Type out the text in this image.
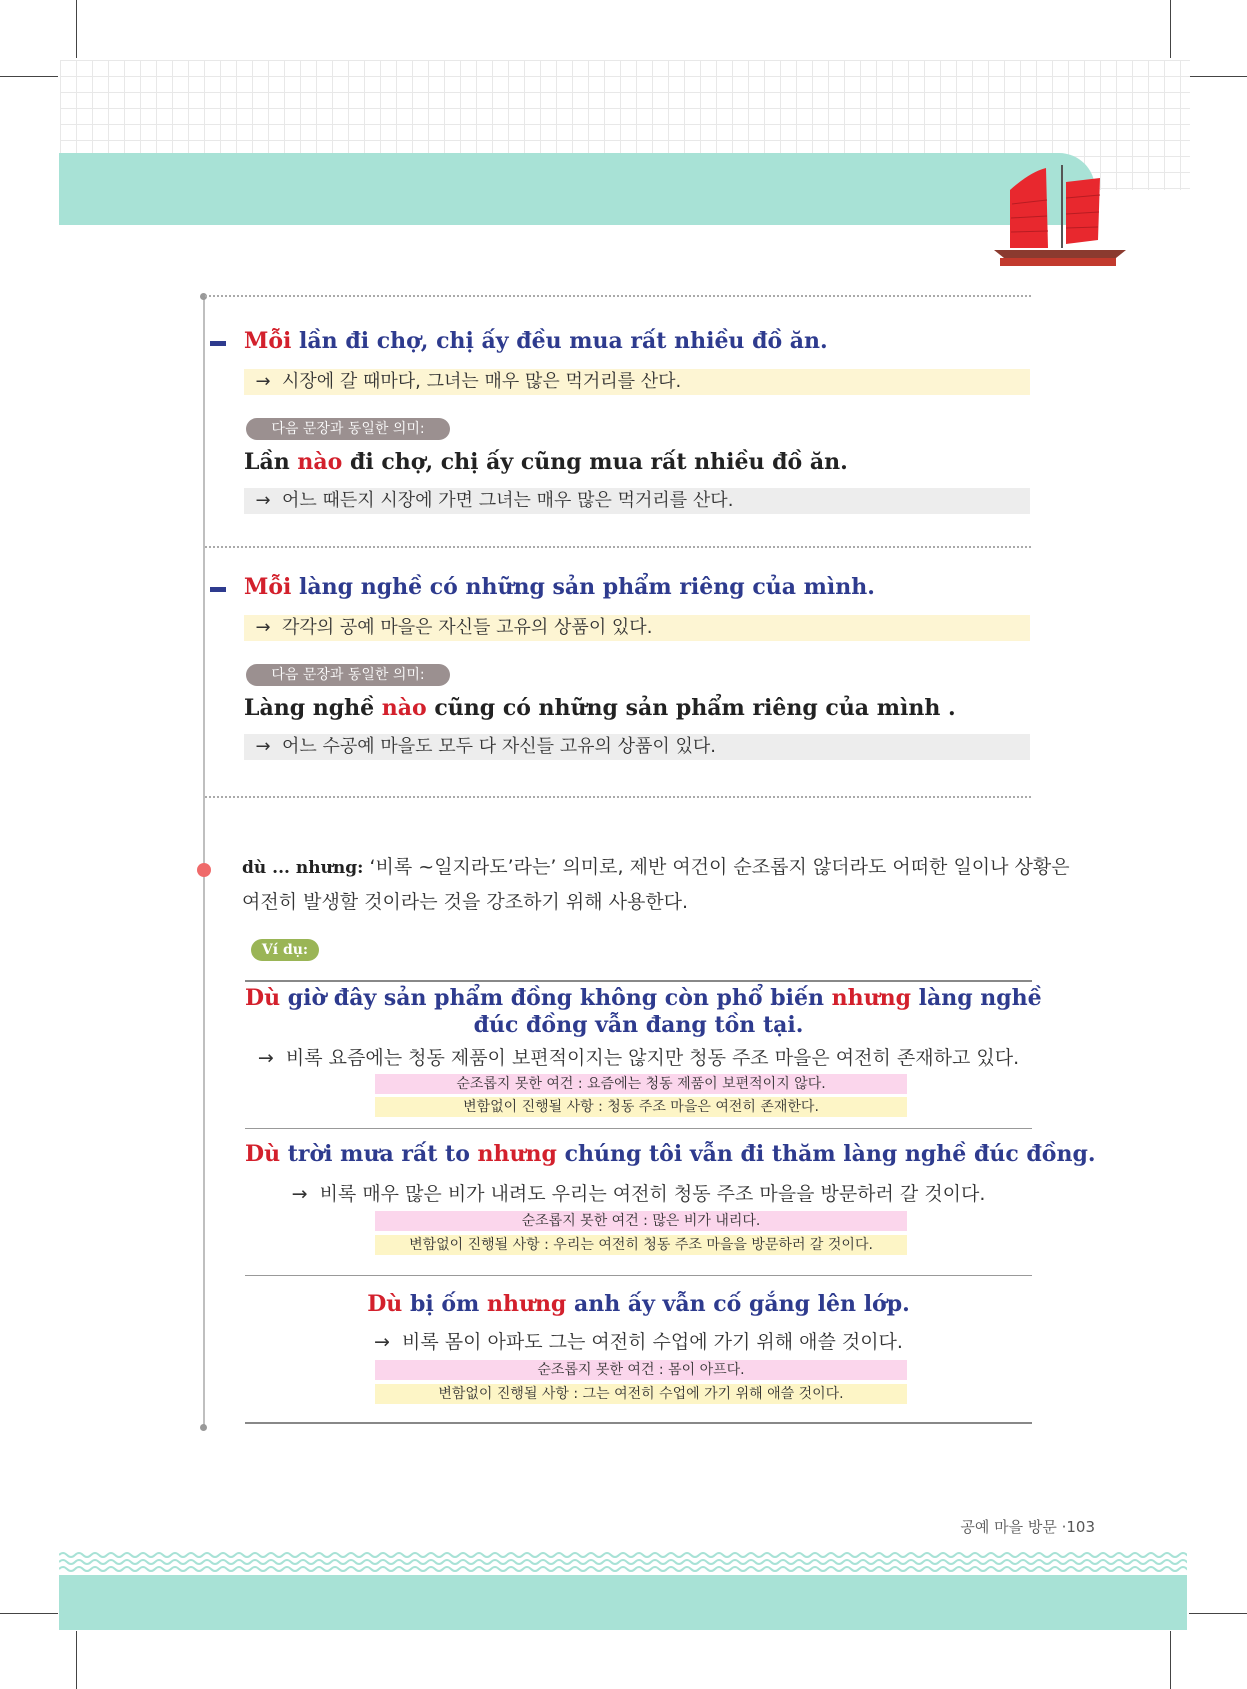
Mỗi lần đi chợ, chị ấy đều mua rất nhiều đồ ăn.
→ 시장에 갈 때마다, 그녀는 매우 많은 먹거리를 산다.
다음 문장과 동일한 의미:
Lần nào đi chợ, chị ấy cũng mua rất nhiều đồ ăn.
→ 어느 때든지 시장에 가면 그녀는 매우 많은 먹거리를 산다.
Mỗi làng nghề có những sản phẩm riêng của mình.
→ 각각의 공예 마을은 자신들 고유의 상품이 있다.
다음 문장과 동일한 의미:
Làng nghề nào cũng có những sản phẩm riêng của mình .
→ 어느 수공예 마을도 모두 다 자신들 고유의 상품이 있다.
dù ... nhưng: ‘비록 ~일지라도’라는’ 의미로, 제반 여건이 순조롭지 않더라도 어떠한 일이나 상황은
여전히 발생할 것이라는 것을 강조하기 위해 사용한다.
Ví dụ:
Dù giờ đây sản phẩm đồng không còn phổ biến nhưng làng nghề
đúc đồng vẫn đang tồn tại.
→ 비록 요즘에는 청동 제품이 보편적이지는 않지만 청동 주조 마을은 여전히 존재하고 있다.
순조롭지 못한 여건 : 요즘에는 청동 제품이 보편적이지 않다.
변함없이 진행될 사항 : 청동 주조 마을은 여전히 존재한다.
Dù trời mưa rất to nhưng chúng tôi vẫn đi thăm làng nghề đúc đồng.
→ 비록 매우 많은 비가 내려도 우리는 여전히 청동 주조 마을을 방문하러 갈 것이다.
순조롭지 못한 여건 : 많은 비가 내리다.
변함없이 진행될 사항 : 우리는 여전히 청동 주조 마을을 방문하러 갈 것이다.
Dù bị ốm nhưng anh ấy vẫn cố gắng lên lớp.
→ 비록 몸이 아파도 그는 여전히 수업에 가기 위해 애쓸 것이다.
순조롭지 못한 여건 : 몸이 아프다.
변함없이 진행될 사항 : 그는 여전히 수업에 가기 위해 애쓸 것이다.
공예 마을 방문 ·103
